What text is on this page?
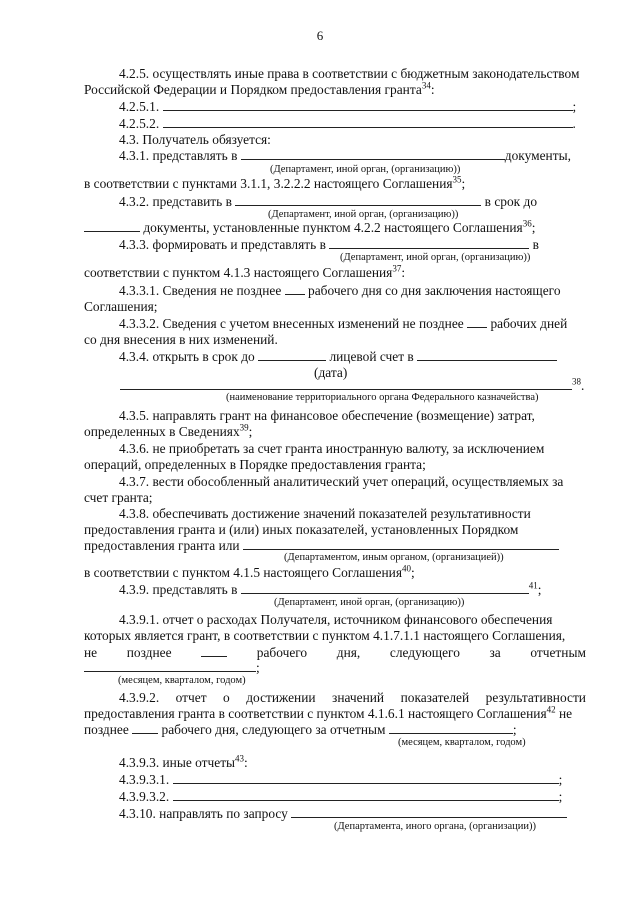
6
4.2.5. осуществлять иные права в соответствии с бюджетным законодательством
Российской Федерации и Порядком предоставления гранта$^{34}$:
4.2.5.1.	;
4.2.5.2.	.
4.3. Получатель обязуется:
4.3.1. представлять в	документы,
(Департамент, иной орган, (организацию))
в соответствии с пунктами 3.1.1, 3.2.2.2 настоящего Соглашения$^{35}$;
4.3.2. представить в	в срок до
(Департамент, иной орган, (организацию))
документы, установленные пунктом 4.2.2 настоящего Соглашения$^{36}$;
4.3.3. формировать и представлять в	в
(Департамент, иной орган, (организацию))
соответствии с пунктом 4.1.3 настоящего Соглашения$^{37}$:
4.3.3.1. Сведения не позднее рабочего дня со дня заключения настоящего
Соглашения;
4.3.3.2. Сведения с учетом внесенных изменений не позднее рабочих дней
со дня внесения в них изменений.
4.3.4. открыть в срок до	лицевой счет в
(дата)
$^{38}$.
(наименование территориального органа Федерального казначейства)
4.3.5. направлять грант на финансовое обеспечение (возмещение) затрат,
определенных в Сведениях$^{39}$;
4.3.6. не приобретать за счет гранта иностранную валюту, за исключением
операций, определенных в Порядке предоставления гранта;
4.3.7. вести обособленный аналитический учет операций, осуществляемых за
счет гранта;
4.3.8. обеспечивать достижение значений показателей результативности
предоставления гранта и (или) иных показателей, установленных Порядком
предоставления гранта или
(Департаментом, иным органом, (организацией))
в соответствии с пунктом 4.1.5 настоящего Соглашения$^{40}$;
4.3.9. представлять в	$^{41}$;
(Департамент, иной орган, (организацию))
4.3.9.1. отчет о расходах Получателя, источником финансового обеспечения
которых является грант, в соответствии с пунктом 4.1.7.1.1 настоящего Соглашения,
не позднее	рабочего дня, следующего за отчетным
;
(месяцем, кварталом, годом)
4.3.9.2. отчет о достижении значений показателей результативности
предоставления гранта в соответствии с пунктом 4.1.6.1 настоящего Соглашения$^{42}$ не
позднее рабочего дня, следующего за отчетным	;
(месяцем, кварталом, годом)
4.3.9.3. иные отчеты$^{43}$:
4.3.9.3.1.	;
4.3.9.3.2.	;
4.3.10. направлять по запросу
(Департамента, иного органа, (организации))
